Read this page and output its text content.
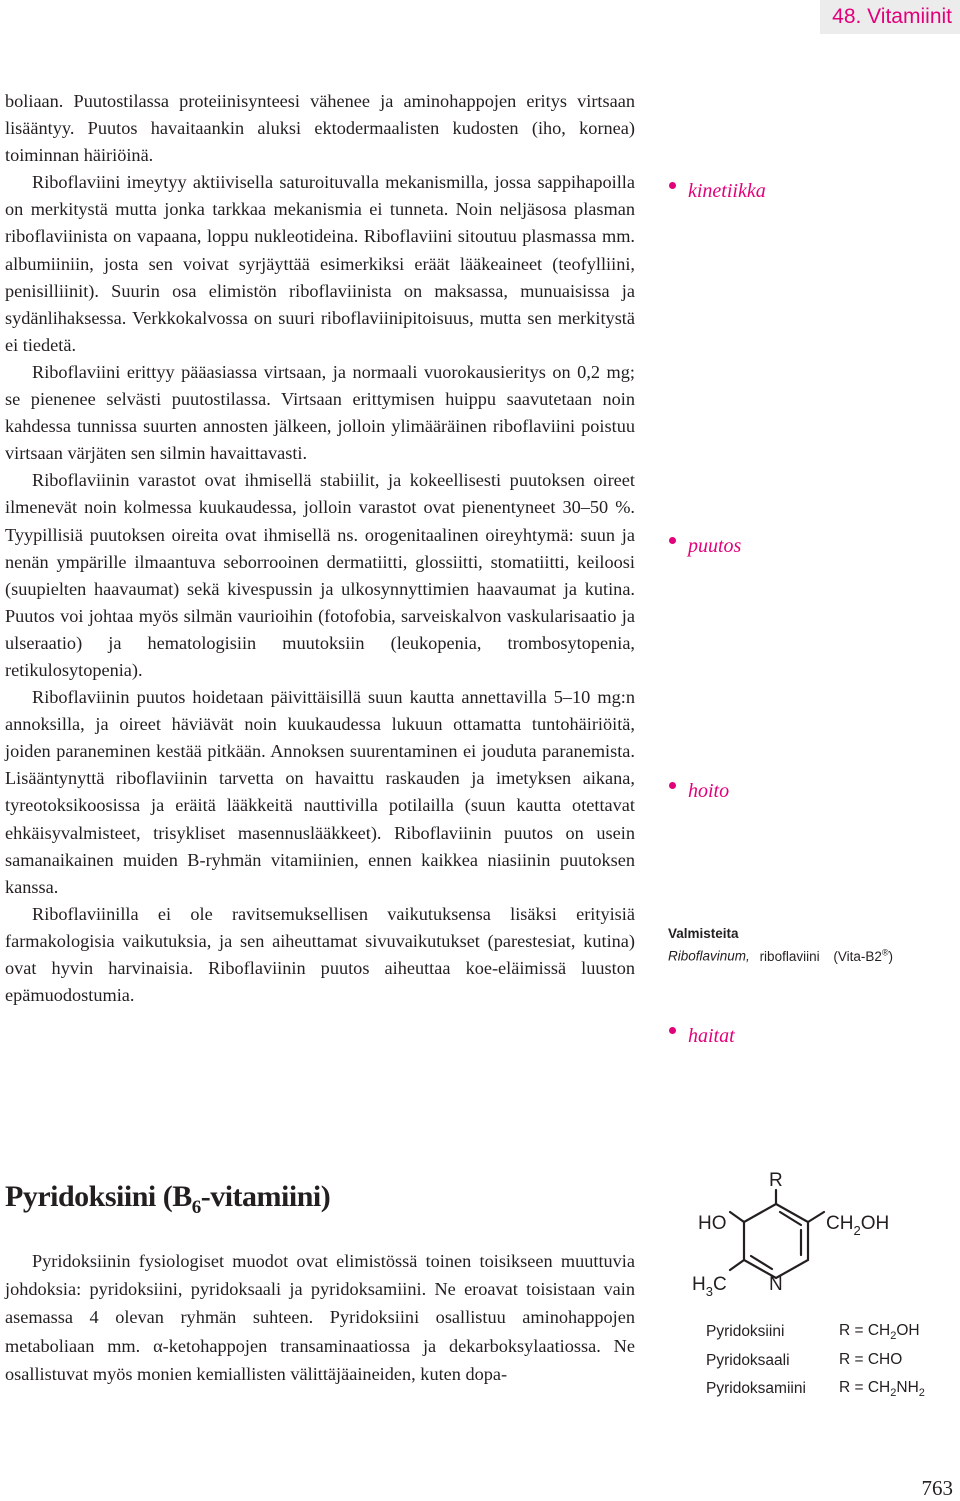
48. Vitamiinit

boliaan. Puutostilassa proteiinisynteesi vähenee ja aminohappojen eritys virtsaan lisääntyy. Puutos havaitaankin aluksi ektodermaalisten kudosten (iho, kornea) toiminnan häiriöinä.

Riboflaviini imeytyy aktiivisella saturoituvalla mekanismilla, jossa sappihapoilla on merkitystä mutta jonka tarkkaa mekanismia ei tunneta. Noin neljäsosa plasman riboflaviinista on vapaana, loppu nukleotideina. Riboflaviini sitoutuu plasmassa mm. albumiiniin, josta sen voivat syrjäyttää esimerkiksi eräät lääkeaineet (teofylliini, penisilliinit). Suurin osa elimistön riboflaviinista on maksassa, munuaisissa ja sydänlihaksessa. Verkkokalvossa on suuri riboflaviinipitoisuus, mutta sen merkitystä ei tiedetä.

Riboflaviini erittyy pääasiassa virtsaan, ja normaali vuorokausieritys on 0,2 mg; se pienenee selvästi puutostilassa. Virtsaan erittymisen huippu saavutetaan noin kahdessa tunnissa suurten annosten jälkeen, jolloin ylimääräinen riboflaviini poistuu virtsaan värjäten sen silmin havaittavasti.

Riboflaviinin varastot ovat ihmisellä stabiilit, ja kokeellisesti puutoksen oireet ilmenevät noin kolmessa kuukaudessa, jolloin varastot ovat pienentyneet 30–50 %. Tyypillisiä puutoksen oireita ovat ihmisellä ns. orogenitaalinen oireyhtymä: suun ja nenän ympärille ilmaantuva seborrooinen dermatiitti, glossiitti, stomatiitti, keiloosi (suupielten haavaumat) sekä kivespussin ja ulkosynnyttimien haavaumat ja kutina. Puutos voi johtaa myös silmän vaurioihin (fotofobia, sarveiskalvon vaskularisaatio ja ulseraatio) ja hematologisiin muutoksiin (leukopenia, trombosytopenia, retikulosytopenia).

Riboflaviinin puutos hoidetaan päivittäisillä suun kautta annettavilla 5–10 mg:n annoksilla, ja oireet häviävät noin kuukaudessa lukuun ottamatta tuntohäiriöitä, joiden paraneminen kestää pitkään. Annoksen suurentaminen ei jouduta paranemista. Lisääntynyttä riboflaviinin tarvetta on havaittu raskauden ja imetyksen aikana, tyreotoksikoosissa ja eräitä lääkkeitä nauttivilla potilailla (suun kautta otettavat ehkäisyvalmisteet, trisykliset masennuslääkkeet). Riboflaviinin puutos on usein samanaikainen muiden B-ryhmän vitamiinien, ennen kaikkea niasiinin puutoksen kanssa.

Riboflaviinilla ei ole ravitsemuksellisen vaikutuksensa lisäksi erityisiä farmakologisia vaikutuksia, ja sen aiheuttamat sivuvaikutukset (parestesiat, kutina) ovat hyvin harvinaisia. Riboflaviinin puutos aiheuttaa koe-eläimissä luuston epämuodostumia.

kinetiikka
puutos
hoito
haitat
Valmisteita
Riboflavinum, riboflaviini (Vita-B2®)
Pyridoksiini $(B_6-vitamiini)$

Pyridoksiinin fysiologiset muodot ovat elimistössä toinen toisikseen muuttuvia johdoksia: pyridoksiini, pyridoksaali ja pyridoksamiini. Ne eroavat toisistaan vain asemassa 4 olevan ryhmän suhteen. Pyridoksiini osallistuu aminohappojen metaboliaan mm. α-ketohappojen transaminaatiossa ja dekarboksylaatiossa. Ne osallistuvat myös monien kemiallisten välittäjäaineiden, kuten dopa-

R
HO	$CH_2OH$
$H_3C$ N
Pyridoksiini	$R = CH_2OH$
Pyridoksaali	R = CHO
Pyridoksamiini	$R = CH_2NH_2$
763
